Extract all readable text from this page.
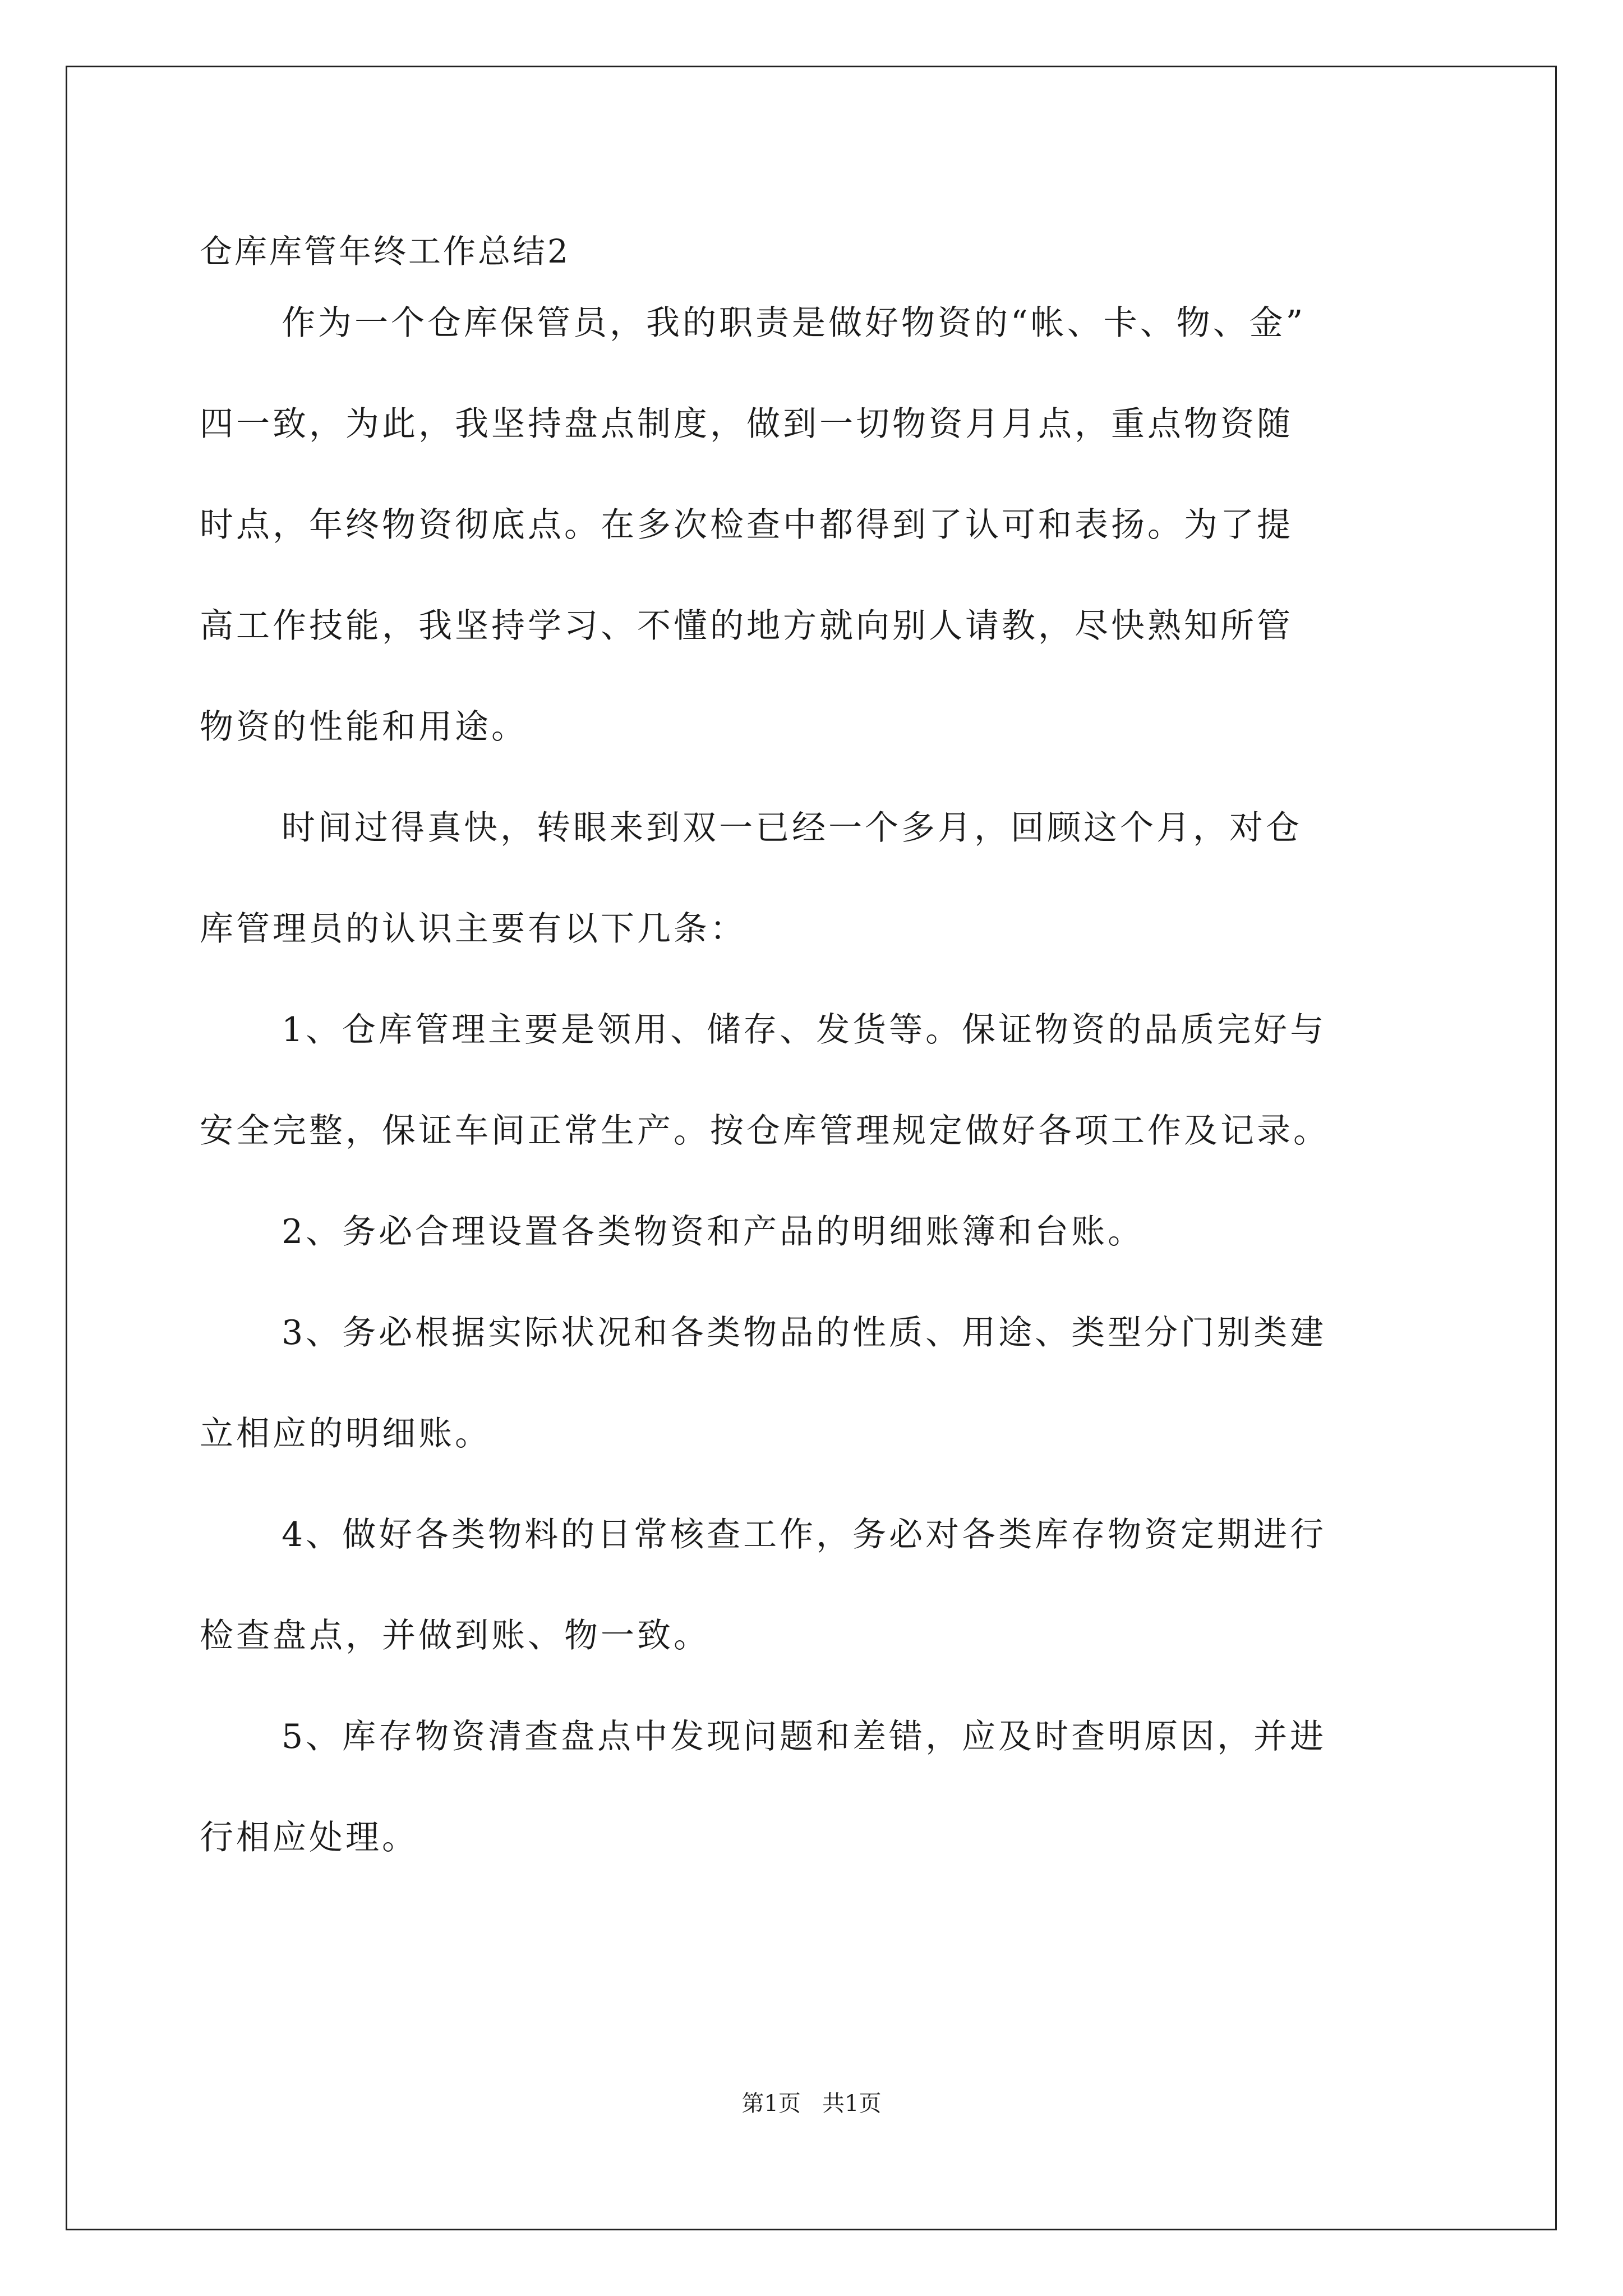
仓库库管年终工作总结2

作为一个仓库保管员，我的职责是做好物资的“帐、卡、物、金”

四一致，为此，我坚持盘点制度，做到一切物资月月点，重点物资随

时点，年终物资彻底点。在多次检查中都得到了认可和表扬。为了提

高工作技能，我坚持学习、不懂的地方就向别人请教，尽快熟知所管

物资的性能和用途。

时间过得真快，转眼来到双一已经一个多月，回顾这个月，对仓

库管理员的认识主要有以下几条：

1、仓库管理主要是领用、储存、发货等。保证物资的品质完好与

安全完整，保证车间正常生产。按仓库管理规定做好各项工作及记录。

2、务必合理设置各类物资和产品的明细账簿和台账。

3、务必根据实际状况和各类物品的性质、用途、类型分门别类建

立相应的明细账。

4、做好各类物料的日常核查工作，务必对各类库存物资定期进行

检查盘点，并做到账、物一致。

5、库存物资清查盘点中发现问题和差错，应及时查明原因，并进

行相应处理。

第1页   共1页
